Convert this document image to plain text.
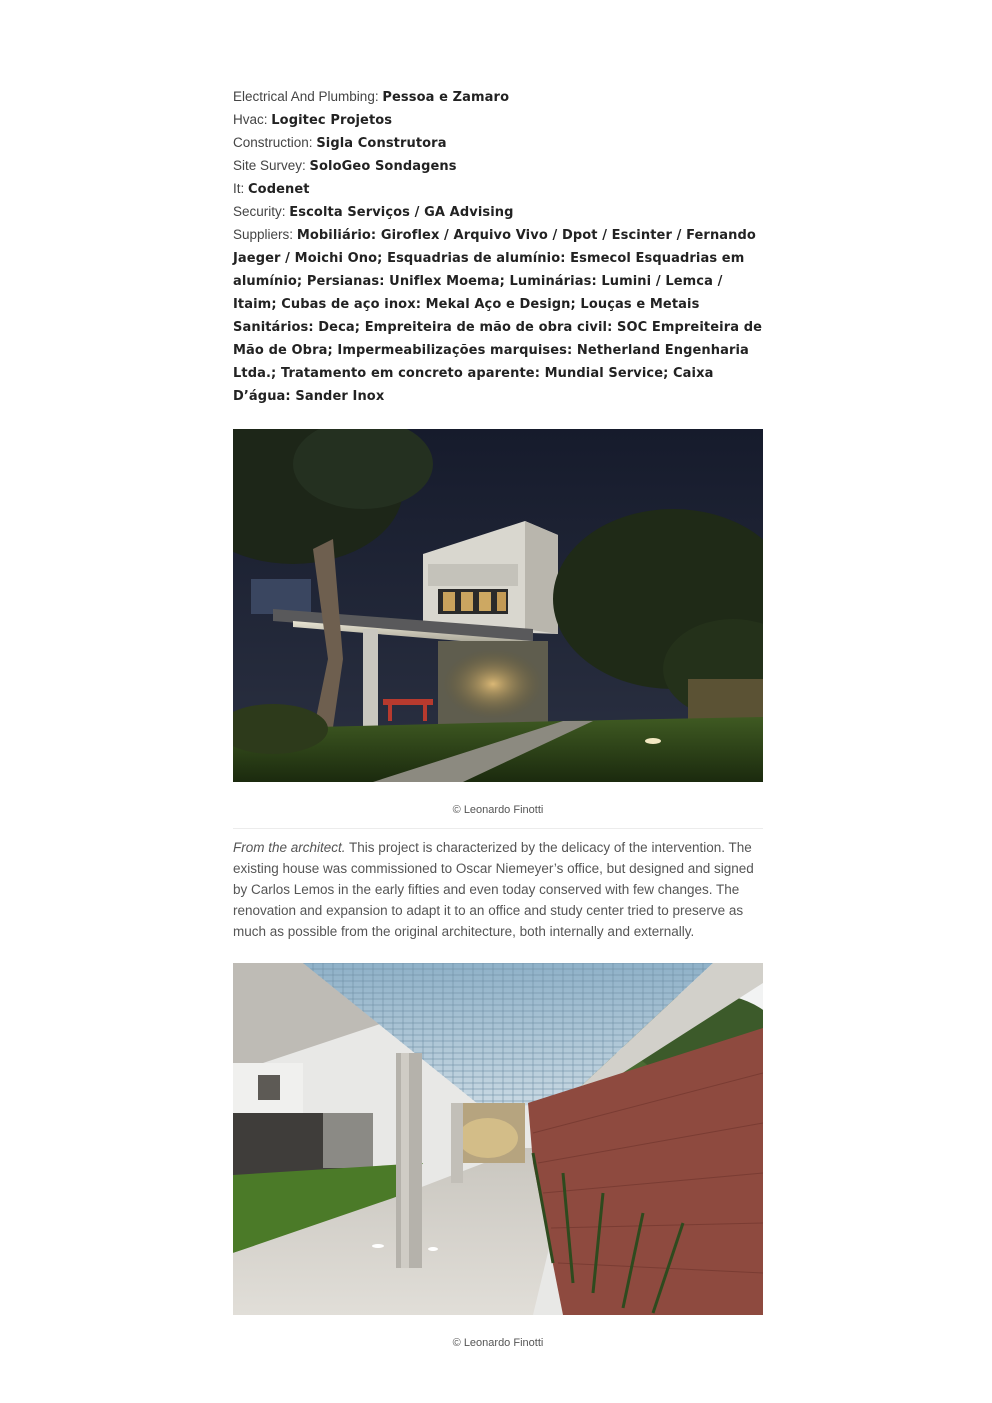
Electrical And Plumbing: Pessoa e Zamaro

Hvac: Logitec Projetos

Construction: Sigla Construtora

Site Survey: SoloGeo Sondagens

It: Codenet

Security: Escolta Serviços / GA Advising

Suppliers: Mobiliário: Giroflex / Arquivo Vivo / Dpot / Escinter / Fernando Jaeger / Moichi Ono; Esquadrias de alumínio: Esmecol Esquadrias em alumínio; Persianas: Uniflex Moema; Luminárias: Lumini / Lemca / Itaim; Cubas de aço inox: Mekal Aço e Design; Louças e Metais Sanitários: Deca; Empreiteira de mão de obra civil: SOC Empreiteira de Mão de Obra; Impermeabilizações marquises: Netherland Engenharia Ltda.; Tratamento em concreto aparente: Mundial Service; Caixa D’água: Sander Inox

© Leonardo Finotti

From the architect. This project is characterized by the delicacy of the intervention. The existing house was commissioned to Oscar Niemeyer’s office, but designed and signed by Carlos Lemos in the early fifties and even today conserved with few changes. The renovation and expansion to adapt it to an office and study center tried to preserve as much as possible from the original architecture, both internally and externally.

© Leonardo Finotti
